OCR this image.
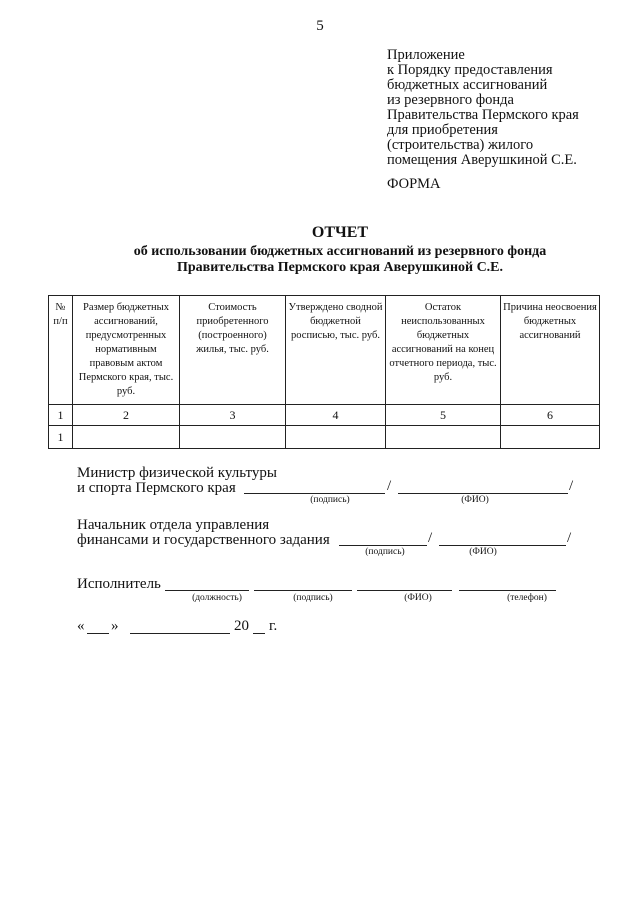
5
Приложение
к Порядку предоставления
бюджетных ассигнований
из резервного фонда
Правительства Пермского края
для приобретения
(строительства) жилого
помещения Аверушкиной С.Е.
ФОРМА
ОТЧЕТ
об использовании бюджетных ассигнований из резервного фонда
Правительства Пермского края Аверушкиной С.Е.
№ п/п	Размер бюджетных ассигнований, предусмотренных нормативным правовым актом Пермского края, тыс. руб.	Стоимость приобретенного (построенного) жилья, тыс. руб.	Утверждено сводной бюджетной росписью, тыс. руб.	Остаток неиспользованных бюджетных ассигнований на конец отчетного периода, тыс. руб.	Причина неосвоения бюджетных ассигнований
1	2	3	4	5	6
1					
Министр физической культуры
и спорта Пермского края	/	/
(подпись)	(ФИО)
Начальник отдела управления
финансами и государственного задания	/	/
(подпись)	(ФИО)
Исполнитель
(должность)	(подпись)	(ФИО)	(телефон)
« »	20 г.
